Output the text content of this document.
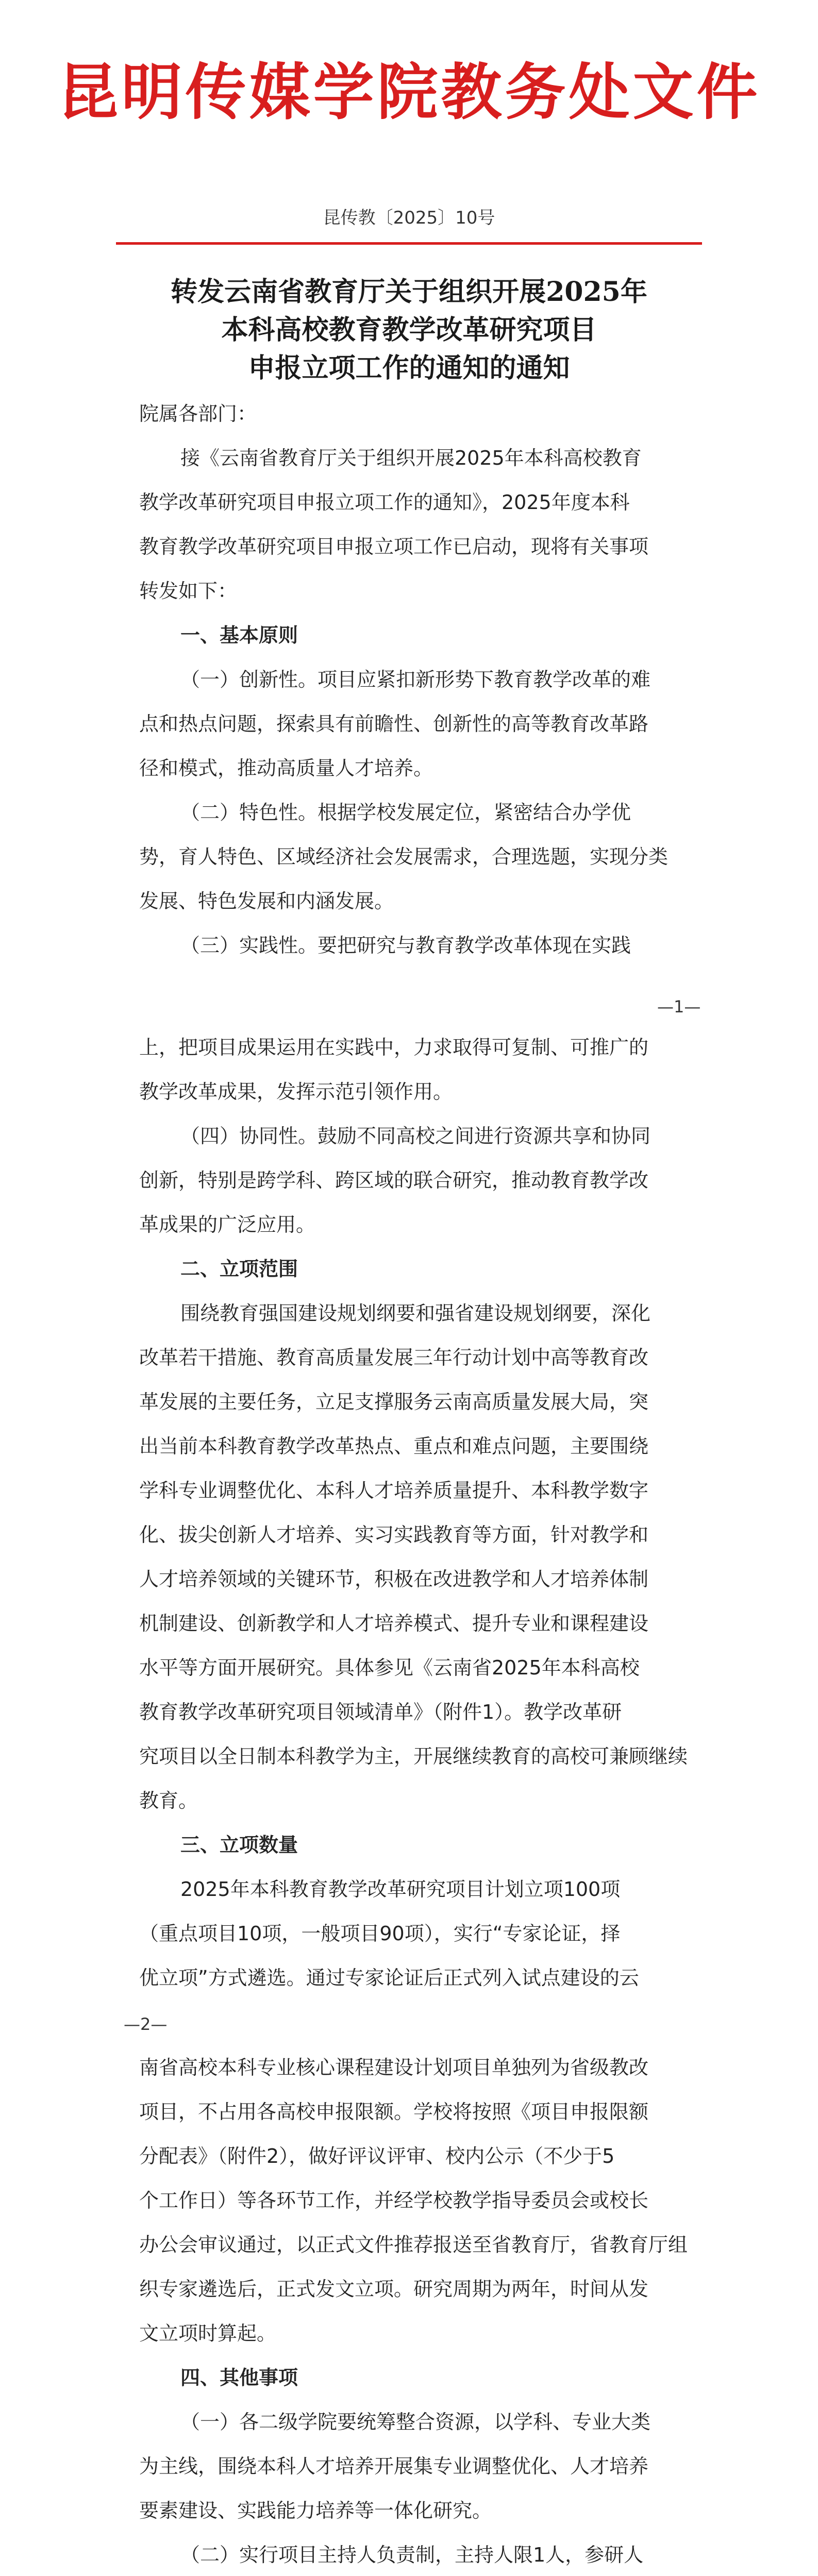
昆明传媒学院教务处文件
昆传教〔2025〕10号
转发云南省教育厅关于组织开展2025年
本科高校教育教学改革研究项目
申报立项工作的通知的通知
院属各部门：
接《云南省教育厅关于组织开展2025年本科高校教育
教学改革研究项目申报立项工作的通知》，2025年度本科
教育教学改革研究项目申报立项工作已启动，现将有关事项
转发如下：
一、基本原则
（一）创新性。项目应紧扣新形势下教育教学改革的难
点和热点问题，探索具有前瞻性、创新性的高等教育改革路
径和模式，推动高质量人才培养。
（二）特色性。根据学校发展定位，紧密结合办学优
势，育人特色、区域经济社会发展需求，合理选题，实现分类
发展、特色发展和内涵发展。
（三）实践性。要把研究与教育教学改革体现在实践
—1—
上，把项目成果运用在实践中，力求取得可复制、可推广的
教学改革成果，发挥示范引领作用。
（四）协同性。鼓励不同高校之间进行资源共享和协同
创新，特别是跨学科、跨区域的联合研究，推动教育教学改
革成果的广泛应用。
二、立项范围
围绕教育强国建设规划纲要和强省建设规划纲要，深化
改革若干措施、教育高质量发展三年行动计划中高等教育改
革发展的主要任务，立足支撑服务云南高质量发展大局，突
出当前本科教育教学改革热点、重点和难点问题，主要围绕
学科专业调整优化、本科人才培养质量提升、本科教学数字
化、拔尖创新人才培养、实习实践教育等方面，针对教学和
人才培养领域的关键环节，积极在改进教学和人才培养体制
机制建设、创新教学和人才培养模式、提升专业和课程建设
水平等方面开展研究。具体参见《云南省2025年本科高校
教育教学改革研究项目领域清单》（附件1）。教学改革研
究项目以全日制本科教学为主，开展继续教育的高校可兼顾继续
教育。
三、立项数量
2025年本科教育教学改革研究项目计划立项100项
（重点项目10项，一般项目90项），实行“专家论证，择
优立项”方式遴选。通过专家论证后正式列入试点建设的云
—2—
南省高校本科专业核心课程建设计划项目单独列为省级教改
项目，不占用各高校申报限额。学校将按照《项目申报限额
分配表》（附件2），做好评议评审、校内公示（不少于5
个工作日）等各环节工作，并经学校教学指导委员会或校长
办公会审议通过，以正式文件推荐报送至省教育厅，省教育厅组
织专家遴选后，正式发文立项。研究周期为两年，时间从发
文立项时算起。
四、其他事项
（一）各二级学院要统筹整合资源，以学科、专业大类
为主线，围绕本科人才培养开展集专业调整优化、人才培养
要素建设、实践能力培养等一体化研究。
（二）实行项目主持人负责制，主持人限1人，参研人
